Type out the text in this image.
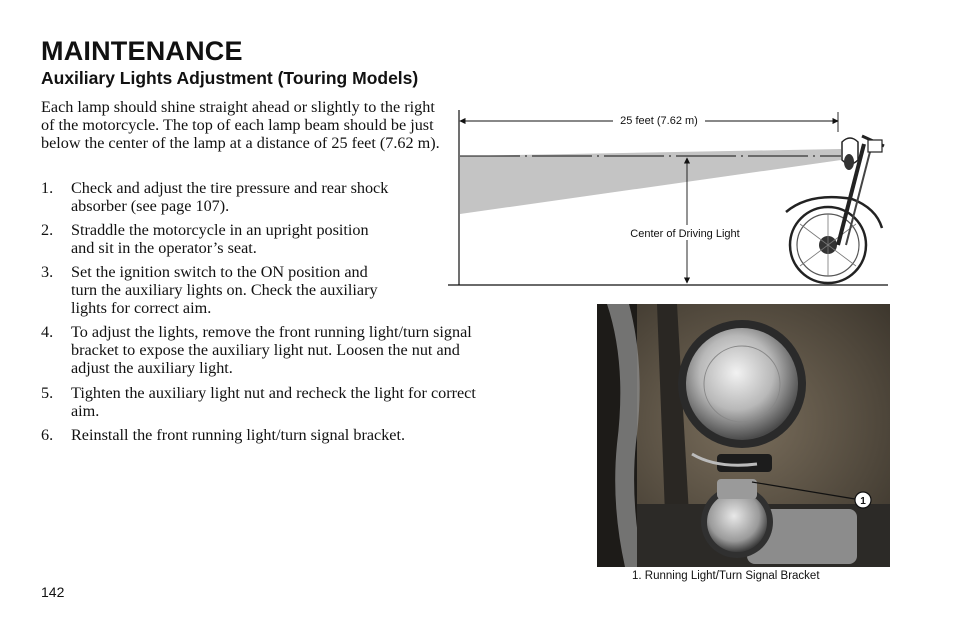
MAINTENANCE
Auxiliary Lights Adjustment (Touring Models)
Each lamp should shine straight ahead or slightly to the right of the motorcycle. The top of each lamp beam should be just below the center of the lamp at a distance of 25 feet (7.62 m).
1. Check and adjust the tire pressure and rear shock
absorber (see page 107).
2. Straddle the motorcycle in an upright position
and sit in the operator’s seat.
3. Set the ignition switch to the ON position and
turn the auxiliary lights on. Check the auxiliary
lights for correct aim.
4. To adjust the lights, remove the front running light/turn signal
bracket to expose the auxiliary light nut. Loosen the nut and
adjust the auxiliary light.
5. Tighten the auxiliary light nut and recheck the light for correct
aim.
6. Reinstall the front running light/turn signal bracket.
25 feet (7.62 m)
Center of Driving Light
1
1. Running Light/Turn Signal Bracket
142
